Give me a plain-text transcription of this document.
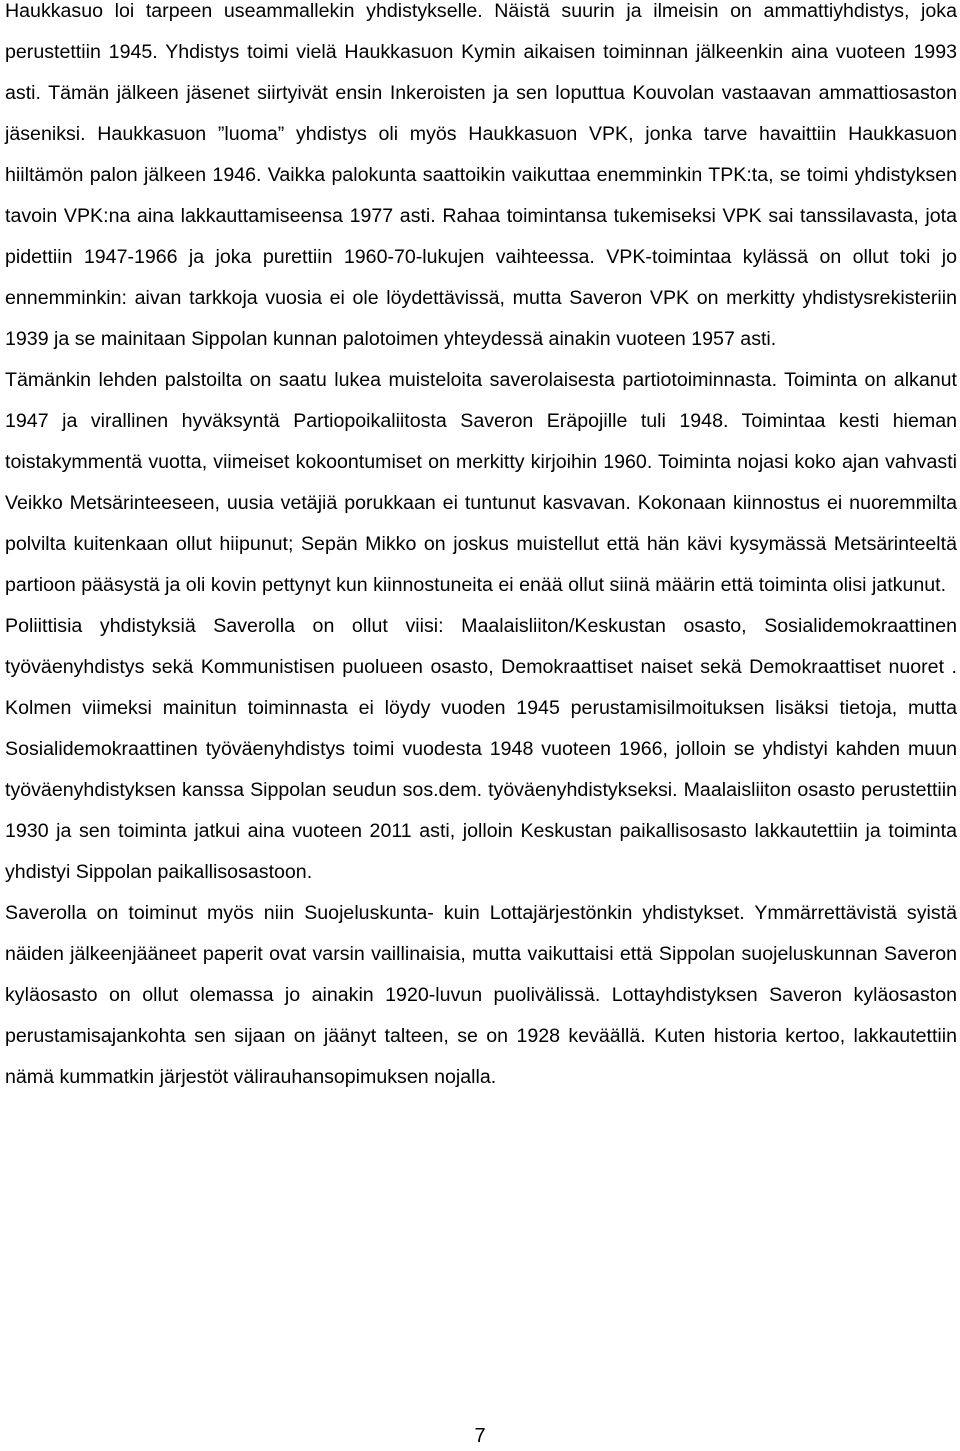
Haukkasuo loi tarpeen useammallekin yhdistykselle. Näistä suurin ja ilmeisin on ammattiyhdistys, joka perustettiin 1945. Yhdistys toimi vielä Haukkasuon Kymin aikaisen toiminnan jälkeenkin aina vuoteen 1993 asti. Tämän jälkeen jäsenet siirtyivät ensin Inkeroisten ja sen loputtua Kouvolan vastaavan ammattiosaston jäseniksi. Haukkasuon ”luoma” yhdistys oli myös Haukkasuon VPK, jonka tarve havaittiin Haukkasuon hiiltämön palon jälkeen 1946. Vaikka palokunta saattoikin vaikuttaa enemminkin TPK:ta, se toimi yhdistyksen tavoin VPK:na aina lakkauttamiseensa 1977 asti. Rahaa toimintansa tukemiseksi VPK sai tanssilavasta, jota pidettiin 1947-1966 ja joka purettiin 1960-70-lukujen vaihteessa. VPK-toimintaa kylässä on ollut toki jo ennemminkin: aivan tarkkoja vuosia ei ole löydettävissä, mutta Saveron VPK on merkitty yhdistysrekisteriin 1939 ja se mainitaan Sippolan kunnan palotoimen yhteydessä ainakin vuoteen 1957 asti.

Tämänkin lehden palstoilta on saatu lukea muisteloita saverolaisesta partiotoiminnasta. Toiminta on alkanut 1947 ja virallinen hyväksyntä Partiopoikaliitosta Saveron Eräpojille tuli 1948. Toimintaa kesti hieman toistakymmentä vuotta, viimeiset kokoontumiset on merkitty kirjoihin 1960. Toiminta nojasi koko ajan vahvasti Veikko Metsärinteeseen, uusia vetäjiä porukkaan ei tuntunut kasvavan. Kokonaan kiinnostus ei nuoremmilta polvilta kuitenkaan ollut hiipunut; Sepän Mikko on joskus muistellut että hän kävi kysymässä Metsärinteeltä partioon pääsystä ja oli kovin pettynyt kun kiinnostuneita ei enää ollut siinä määrin että toiminta olisi jatkunut.

Poliittisia yhdistyksiä Saverolla on ollut viisi: Maalaisliiton/Keskustan osasto, Sosialidemokraattinen työväenyhdistys sekä Kommunistisen puolueen osasto, Demokraattiset naiset sekä Demokraattiset nuoret . Kolmen viimeksi mainitun toiminnasta ei löydy vuoden 1945 perustamisilmoituksen lisäksi tietoja, mutta Sosialidemokraattinen työväenyhdistys toimi vuodesta 1948 vuoteen 1966, jolloin se yhdistyi kahden muun työväenyhdistyksen kanssa Sippolan seudun sos.dem. työväenyhdistykseksi. Maalaisliiton osasto perustettiin 1930 ja sen toiminta jatkui aina vuoteen 2011 asti, jolloin Keskustan paikallisosasto lakkautettiin ja toiminta yhdistyi Sippolan paikallisosastoon.

Saverolla on toiminut myös niin Suojeluskunta- kuin Lottajärjestönkin yhdistykset. Ymmärrettävistä syistä näiden jälkeenjääneet paperit ovat varsin vaillinaisia, mutta vaikuttaisi että Sippolan suojeluskunnan Saveron kyläosasto on ollut olemassa jo ainakin 1920-luvun puolivälissä. Lottayhdistyksen Saveron kyläosaston perustamisajankohta sen sijaan on jäänyt talteen, se on 1928 keväällä. Kuten historia kertoo, lakkautettiin nämä kummatkin järjestöt välirauhansopimuksen nojalla.

7
